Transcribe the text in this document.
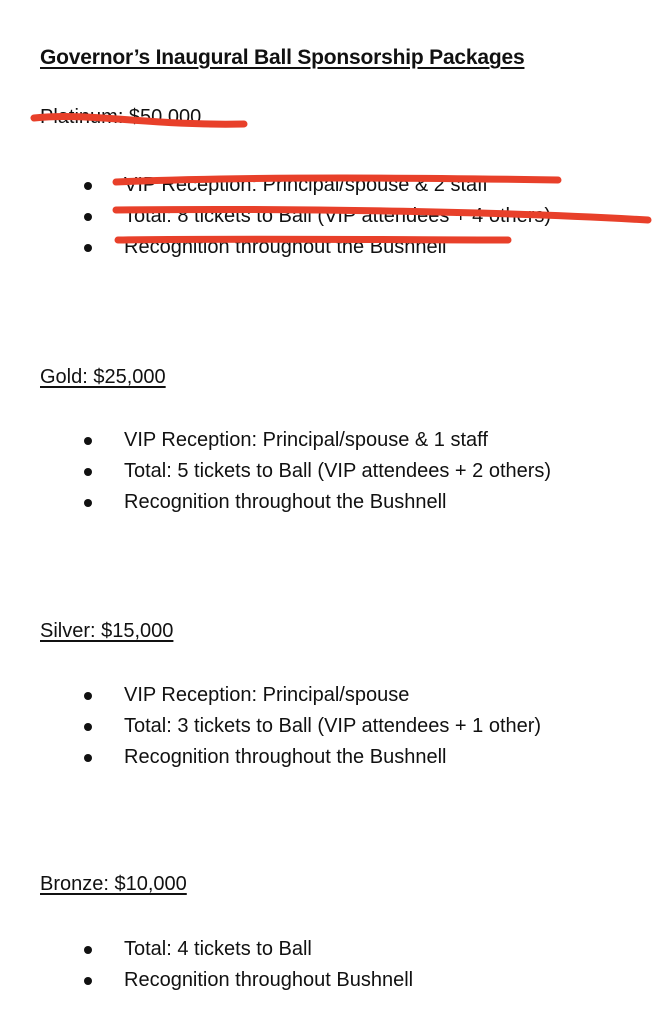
Governor’s Inaugural Ball Sponsorship Packages
Platinum: $50,000
VIP Reception: Principal/spouse & 2 staff
Total: 8 tickets to Ball (VIP attendees + 4 others)
Recognition throughout the Bushnell
Gold: $25,000
VIP Reception: Principal/spouse & 1 staff
Total: 5 tickets to Ball (VIP attendees + 2 others)
Recognition throughout the Bushnell
Silver: $15,000
VIP Reception: Principal/spouse
Total: 3 tickets to Ball (VIP attendees + 1 other)
Recognition throughout the Bushnell
Bronze: $10,000
Total: 4 tickets to Ball
Recognition throughout Bushnell
